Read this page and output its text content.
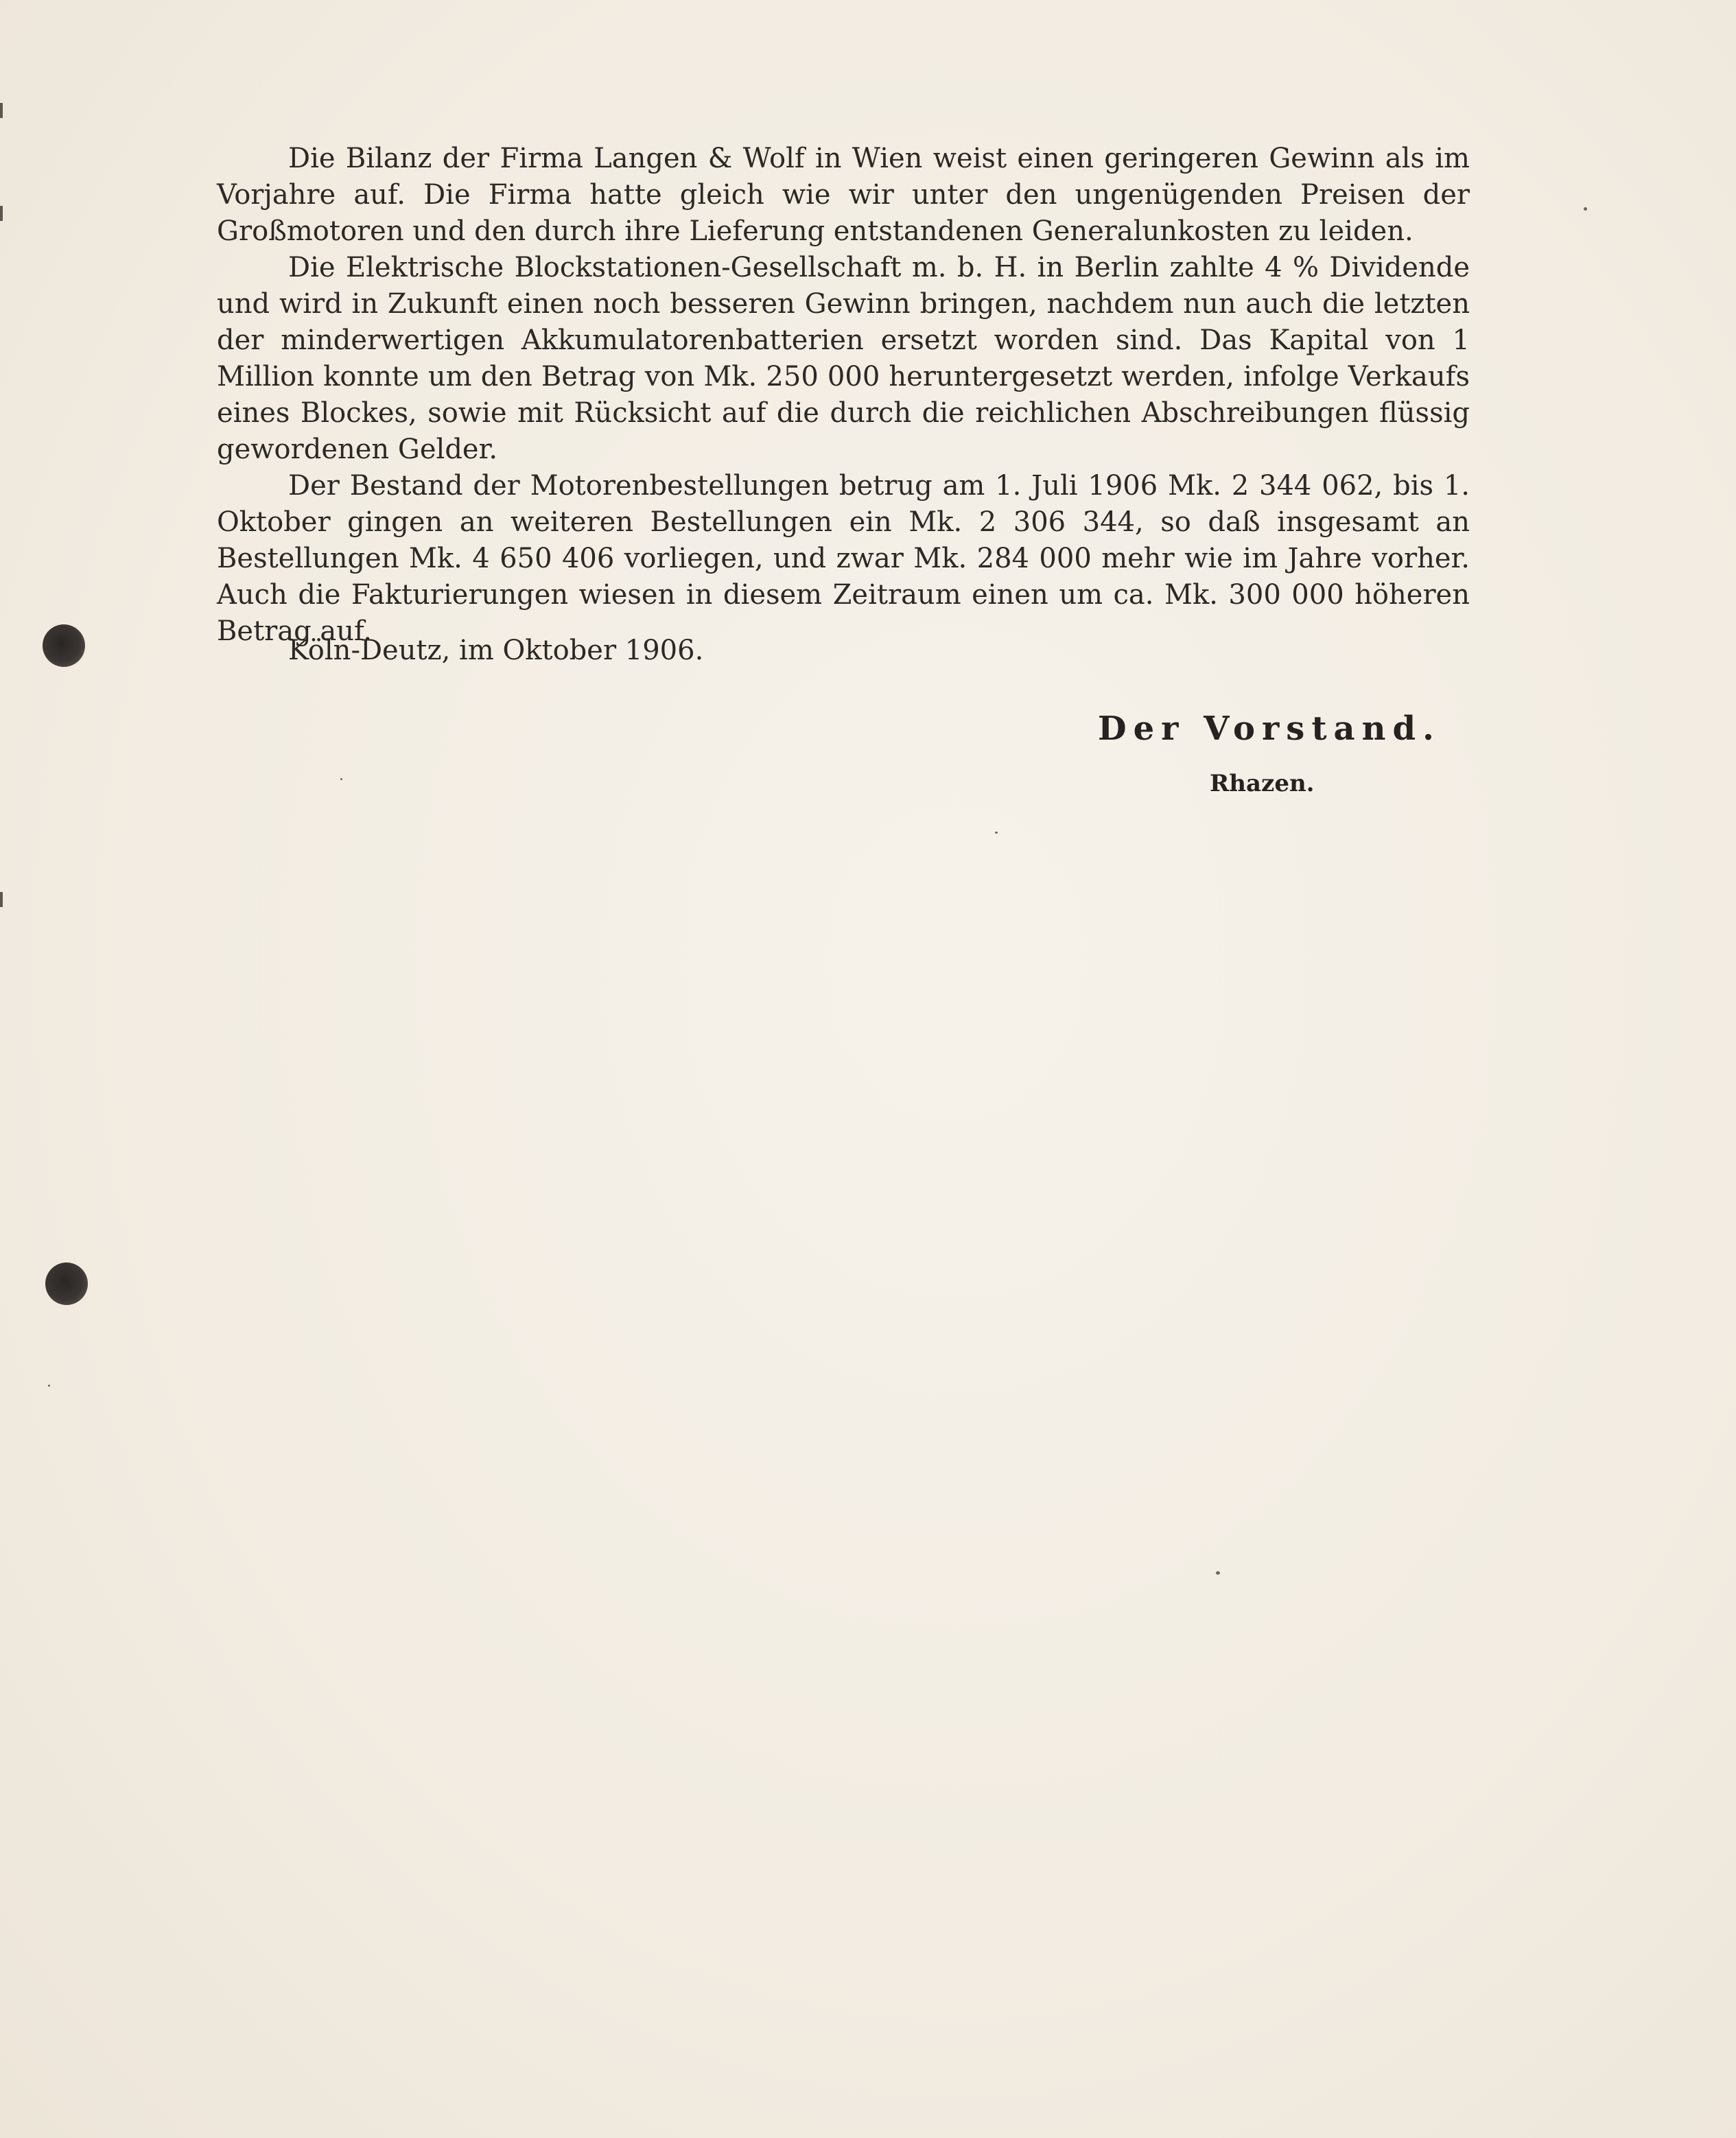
Die Bilanz der Firma Langen & Wolf in Wien weist einen geringeren Gewinn als im Vorjahre auf. Die Firma hatte gleich wie wir unter den ungenügenden Preisen der Großmotoren und den durch ihre Lieferung entstandenen Generalunkosten zu leiden.

Die Elektrische Blockstationen-Gesellschaft m. b. H. in Berlin zahlte 4 % Dividende und wird in Zukunft einen noch besseren Gewinn bringen, nachdem nun auch die letzten der minderwertigen Akkumulatorenbatterien ersetzt worden sind. Das Kapital von 1 Million konnte um den Betrag von Mk. 250 000 heruntergesetzt werden, infolge Verkaufs eines Blockes, sowie mit Rücksicht auf die durch die reichlichen Abschreibungen flüssig gewordenen Gelder.

Der Bestand der Motorenbestellungen betrug am 1. Juli 1906 Mk. 2 344 062, bis 1. Oktober gingen an weiteren Bestellungen ein Mk. 2 306 344, so daß insgesamt an Bestellungen Mk. 4 650 406 vorliegen, und zwar Mk. 284 000 mehr wie im Jahre vorher. Auch die Fakturierungen wiesen in diesem Zeitraum einen um ca. Mk. 300 000 höheren Betrag auf.

Köln-Deutz, im Oktober 1906.
Der Vorstand.
Rhazen.
